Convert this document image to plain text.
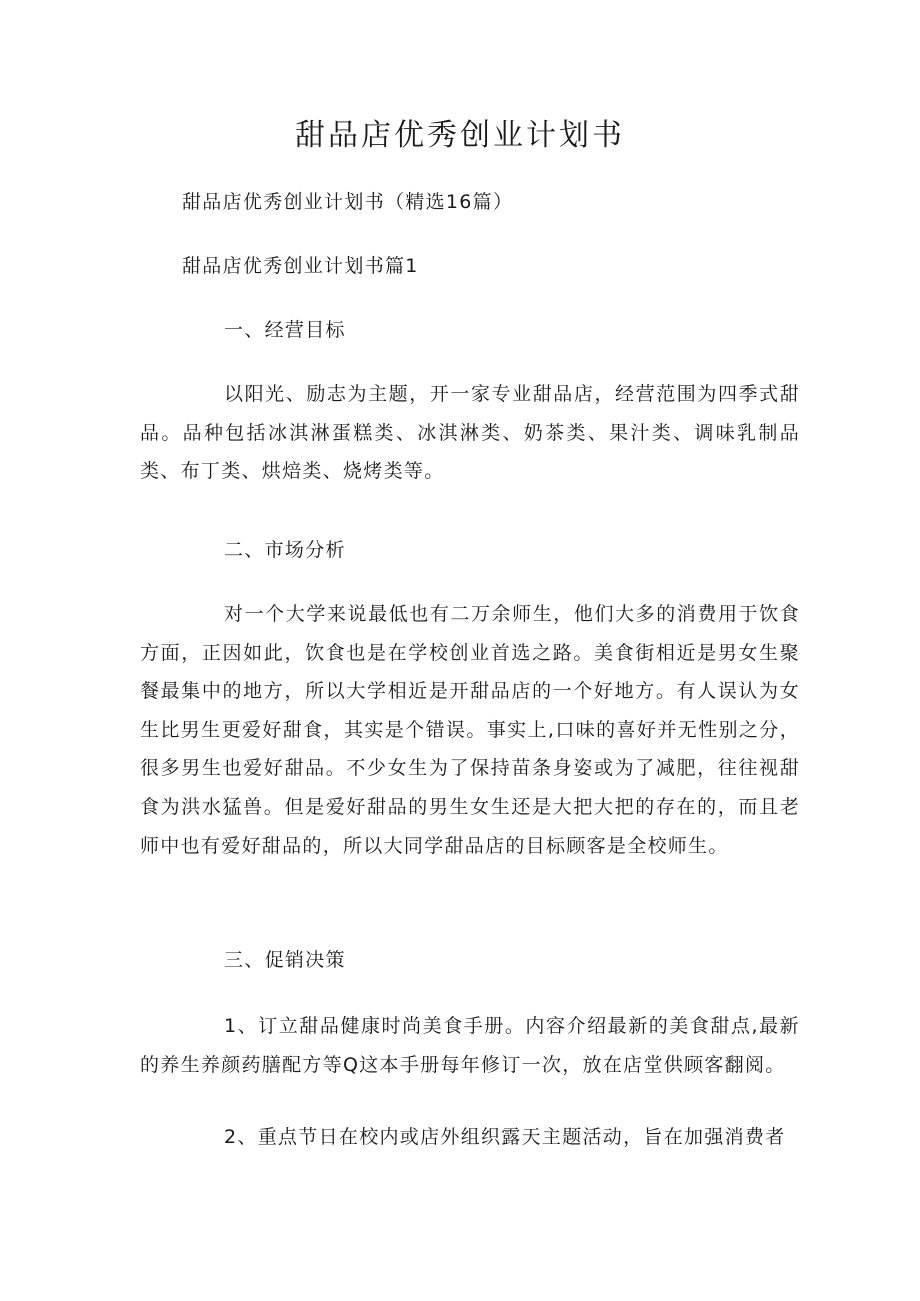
甜品店优秀创业计划书
甜品店优秀创业计划书（精选16篇）
甜品店优秀创业计划书篇1
一、经营目标

以阳光、励志为主题，开一家专业甜品店，经营范围为四季式甜品。品种包括冰淇淋蛋糕类、冰淇淋类、奶茶类、果汁类、调味乳制品类、布丁类、烘焙类、烧烤类等。

二、市场分析

对一个大学来说最低也有二万余师生，他们大多的消费用于饮食方面，正因如此，饮食也是在学校创业首选之路。美食街相近是男女生聚餐最集中的地方，所以大学相近是开甜品店的一个好地方。有人误认为女生比男生更爱好甜食，其实是个错误。事实上,口味的喜好并无性别之分，很多男生也爱好甜品。不少女生为了保持苗条身姿或为了减肥，往往视甜食为洪水猛兽。但是爱好甜品的男生女生还是大把大把的存在的，而且老师中也有爱好甜品的，所以大同学甜品店的目标顾客是全校师生。

三、促销决策

1、订立甜品健康时尚美食手册。内容介绍最新的美食甜点,最新的养生养颜药膳配方等Q这本手册每年修订一次，放在店堂供顾客翻阅。

2、重点节日在校内或店外组织露天主题活动，旨在加强消费者
